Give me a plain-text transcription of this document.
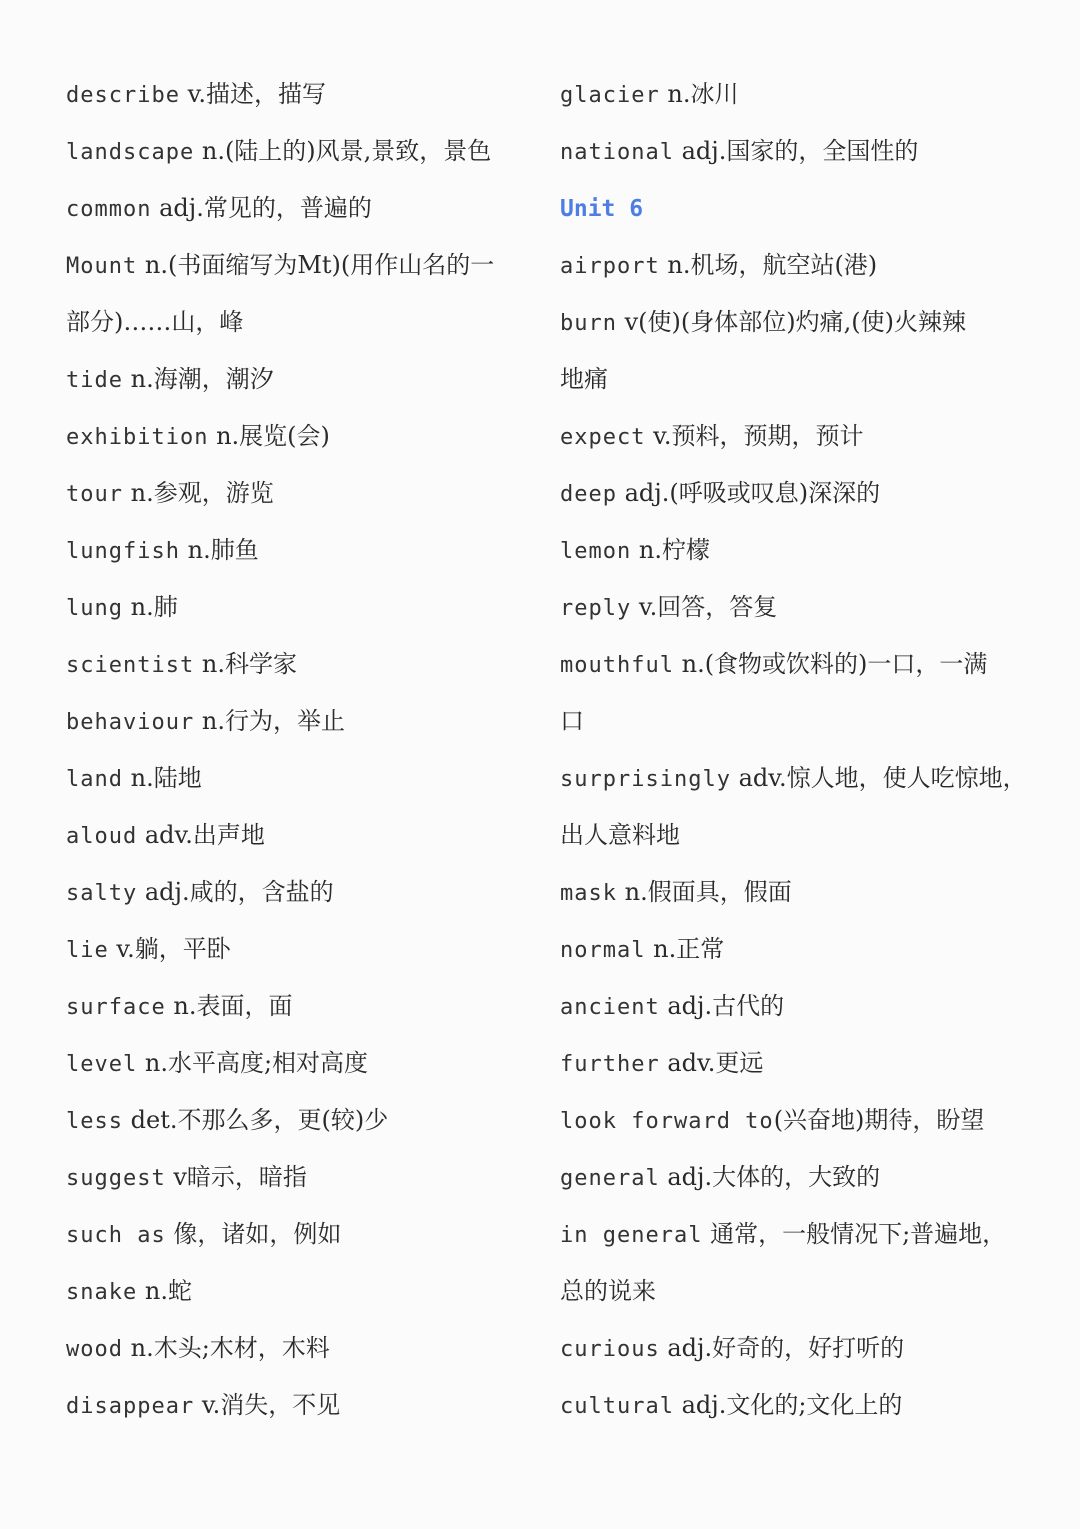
describe v.描述，描写

landscape n.(陆上的)风景,景致，景色

common adj.常见的，普遍的

Mount n.(书面缩写为Mt)(用作山名的一

部分)……山，峰

tide n.海潮，潮汐

exhibition n.展览(会)

tour n.参观，游览

lungfish n.肺鱼

lung n.肺

scientist n.科学家

behaviour n.行为，举止

land n.陆地

aloud adv.出声地

salty adj.咸的，含盐的

lie v.躺，平卧

surface n.表面，面

level n.水平高度;相对高度

less det.不那么多，更(较)少

suggest v暗示，暗指

such as 像，诸如，例如

snake n.蛇

wood n.木头;木材，木料

disappear v.消失，不见

glacier n.冰川

national adj.国家的，全国性的

Unit 6

airport n.机场，航空站(港)

burn v(使)(身体部位)灼痛,(使)火辣辣

地痛

expect v.预料，预期，预计

deep adj.(呼吸或叹息)深深的

lemon n.柠檬

reply v.回答，答复

mouthful n.(食物或饮料的)一口，一满

口

surprisingly adv.惊人地，使人吃惊地，

出人意料地

mask n.假面具，假面

normal n.正常

ancient adj.古代的

further adv.更远

look forward to(兴奋地)期待，盼望

general adj.大体的，大致的

in general 通常，一般情况下;普遍地，

总的说来

curious adj.好奇的，好打听的

cultural adj.文化的;文化上的
